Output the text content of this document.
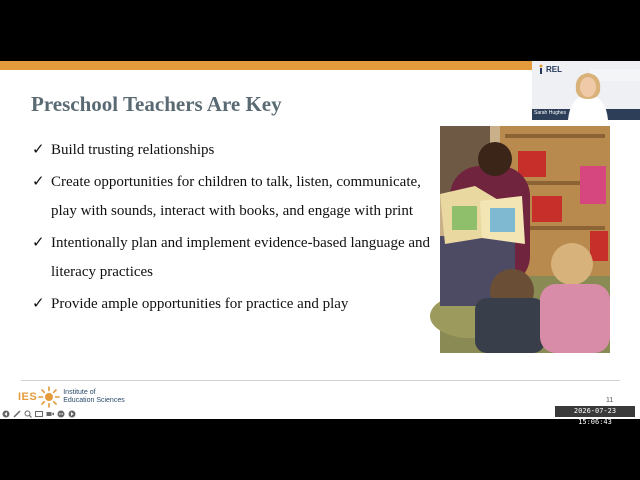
Preschool Teachers Are Key
✓ Build trusting relationships
✓ Create opportunities for children to talk, listen, communicate, play with sounds, interact with books, and engage with print
✓ Intentionally plan and implement evidence-based language and literacy practices
✓ Provide ample opportunities for practice and play
IES	Institute of
Education Sciences	11
2026-07-23 15:06:43
REL
Sarah Hughes
